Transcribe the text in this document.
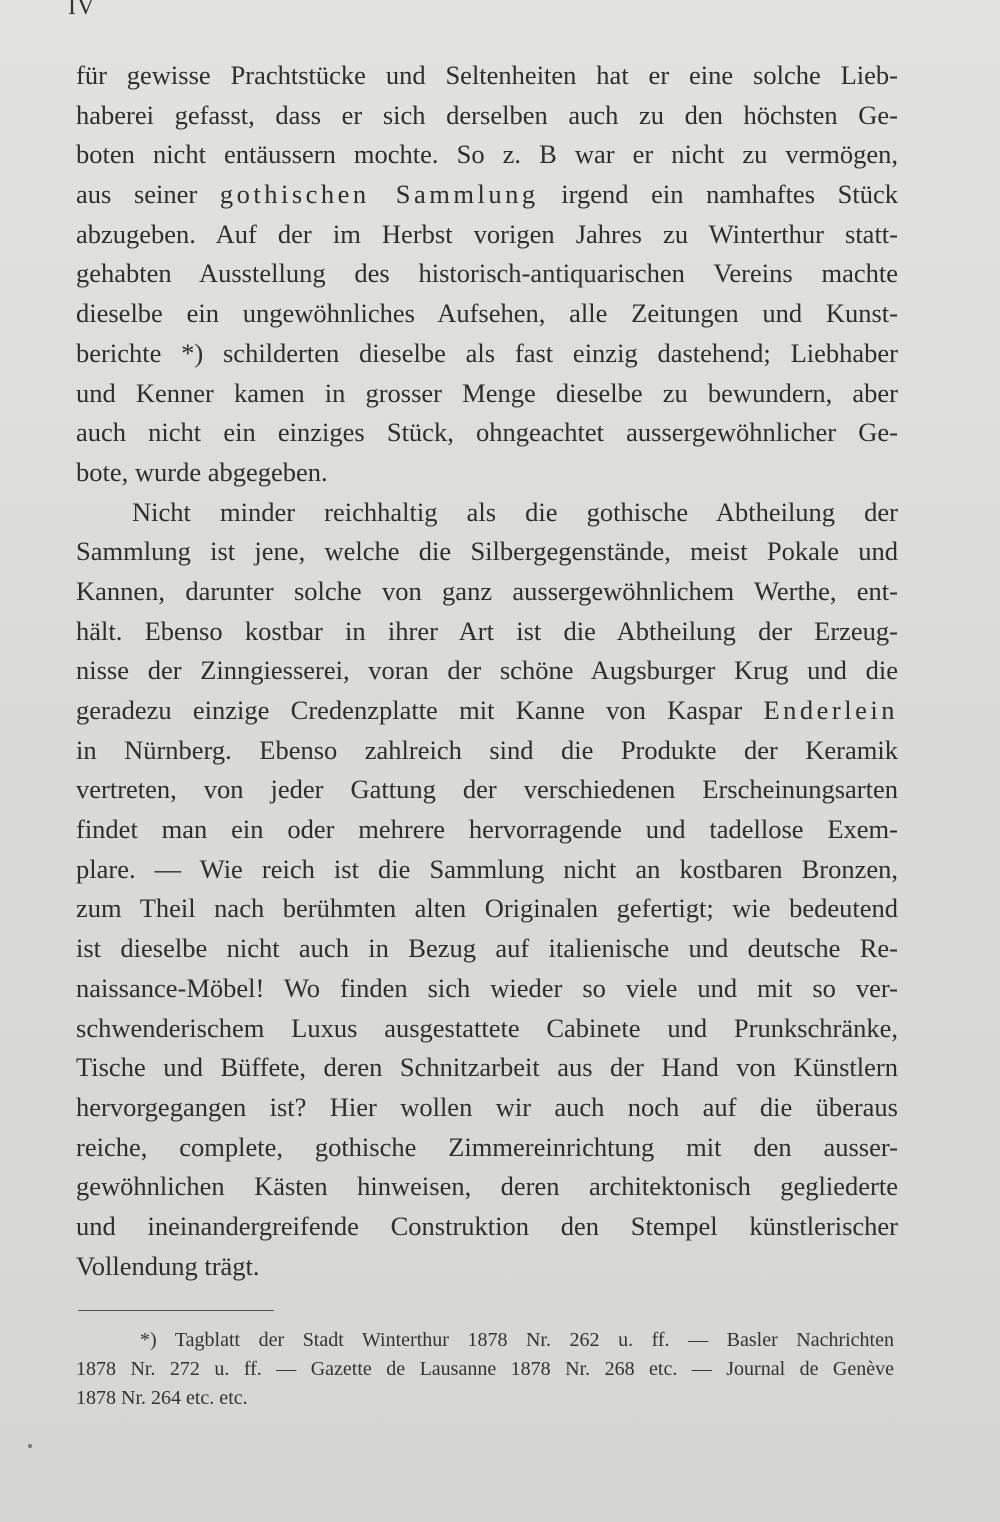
IV
für gewisse Prachtstücke und Seltenheiten hat er eine solche Lieb-
haberei gefasst, dass er sich derselben auch zu den höchsten Ge-
boten nicht entäussern mochte. So z. B war er nicht zu vermögen,
aus seiner gothischen Sammlung irgend ein namhaftes Stück
abzugeben. Auf der im Herbst vorigen Jahres zu Winterthur statt-
gehabten Ausstellung des historisch-antiquarischen Vereins machte
dieselbe ein ungewöhnliches Aufsehen, alle Zeitungen und Kunst-
berichte *) schilderten dieselbe als fast einzig dastehend; Liebhaber
und Kenner kamen in grosser Menge dieselbe zu bewundern, aber
auch nicht ein einziges Stück, ohngeachtet aussergewöhnlicher Ge-
bote, wurde abgegeben.
Nicht minder reichhaltig als die gothische Abtheilung der
Sammlung ist jene, welche die Silbergegenstände, meist Pokale und
Kannen, darunter solche von ganz aussergewöhnlichem Werthe, ent-
hält. Ebenso kostbar in ihrer Art ist die Abtheilung der Erzeug-
nisse der Zinngiesserei, voran der schöne Augsburger Krug und die
geradezu einzige Credenzplatte mit Kanne von Kaspar Enderlein
in Nürnberg. Ebenso zahlreich sind die Produkte der Keramik
vertreten, von jeder Gattung der verschiedenen Erscheinungsarten
findet man ein oder mehrere hervorragende und tadellose Exem-
plare. — Wie reich ist die Sammlung nicht an kostbaren Bronzen,
zum Theil nach berühmten alten Originalen gefertigt; wie bedeutend
ist dieselbe nicht auch in Bezug auf italienische und deutsche Re-
naissance-Möbel! Wo finden sich wieder so viele und mit so ver-
schwenderischem Luxus ausgestattete Cabinete und Prunkschränke,
Tische und Büffete, deren Schnitzarbeit aus der Hand von Künstlern
hervorgegangen ist? Hier wollen wir auch noch auf die überaus
reiche, complete, gothische Zimmereinrichtung mit den ausser-
gewöhnlichen Kästen hinweisen, deren architektonisch gegliederte
und ineinandergreifende Construktion den Stempel künstlerischer
Vollendung trägt.
*) Tagblatt der Stadt Winterthur 1878 Nr. 262 u. ff. — Basler Nachrichten
1878 Nr. 272 u. ff. — Gazette de Lausanne 1878 Nr. 268 etc. — Journal de Genève
1878 Nr. 264 etc. etc.
